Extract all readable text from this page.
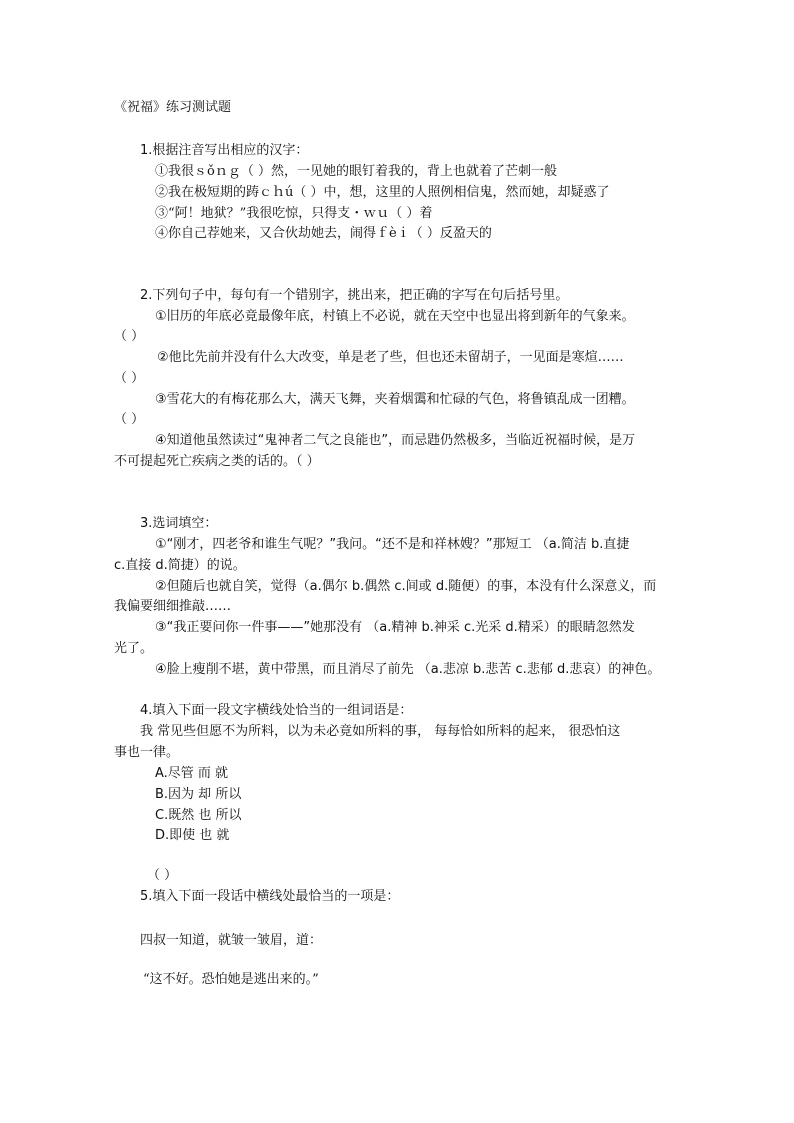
《祝福》练习测试题
1.根据注音写出相应的汉字：
①我很ｓǒｎｇ（ ）然，一见她的眼钉着我的，背上也就着了芒刺一般
②我在极短期的踌ｃｈú（ ）中，想，这里的人照例相信鬼，然而她，却疑惑了
③“阿！地狱？”我很吃惊，只得支・ｗｕ（ ）着
④你自己荐她来，又合伙劫她去，闹得ｆèｉ（ ）反盈天的
2.下列句子中，每句有一个错别字，挑出来，把正确的字写在句后括号里。
①旧历的年底必竟最像年底，村镇上不必说，就在天空中也显出将到新年的气象来。
（ ）
②他比先前并没有什么大改变，单是老了些，但也还未留胡子，一见面是寒煊……
（ ）
③雪花大的有梅花那么大，满天飞舞，夹着烟霭和忙碌的气色，将鲁镇乱成一团糟。
（ ）
④知道他虽然读过“鬼神者二气之良能也”，而忌韪仍然极多，当临近祝福时候，是万
不可提起死亡疾病之类的话的。（ ）
3.选词填空：
①“刚才，四老爷和谁生气呢？”我问。“还不是和祥林嫂？”那短工 （a.简洁 b.直捷
c.直接 d.简捷）的说。
②但随后也就自笑，觉得（a.偶尔 b.偶然 c.间或 d.随便）的事，本没有什么深意义，而
我偏要细细推敲……
③“我正要问你一件事——”她那没有 （a.精神 b.神采 c.光采 d.精采）的眼睛忽然发
光了。
④脸上瘦削不堪，黄中带黑，而且消尽了前先 （a.悲凉 b.悲苦 c.悲郁 d.悲哀）的神色。
4.填入下面一段文字横线处恰当的一组词语是：
我 常见些但愿不为所料，以为未必竟如所料的事， 每每恰如所料的起来， 很恐怕这
事也一律。
A.尽管 而 就
B.因为 却 所以
C.既然 也 所以
D.即使 也 就
（ ）
5.填入下面一段话中横线处最恰当的一项是：
四叔一知道，就皱一皱眉，道：
“这不好。恐怕她是逃出来的。”
